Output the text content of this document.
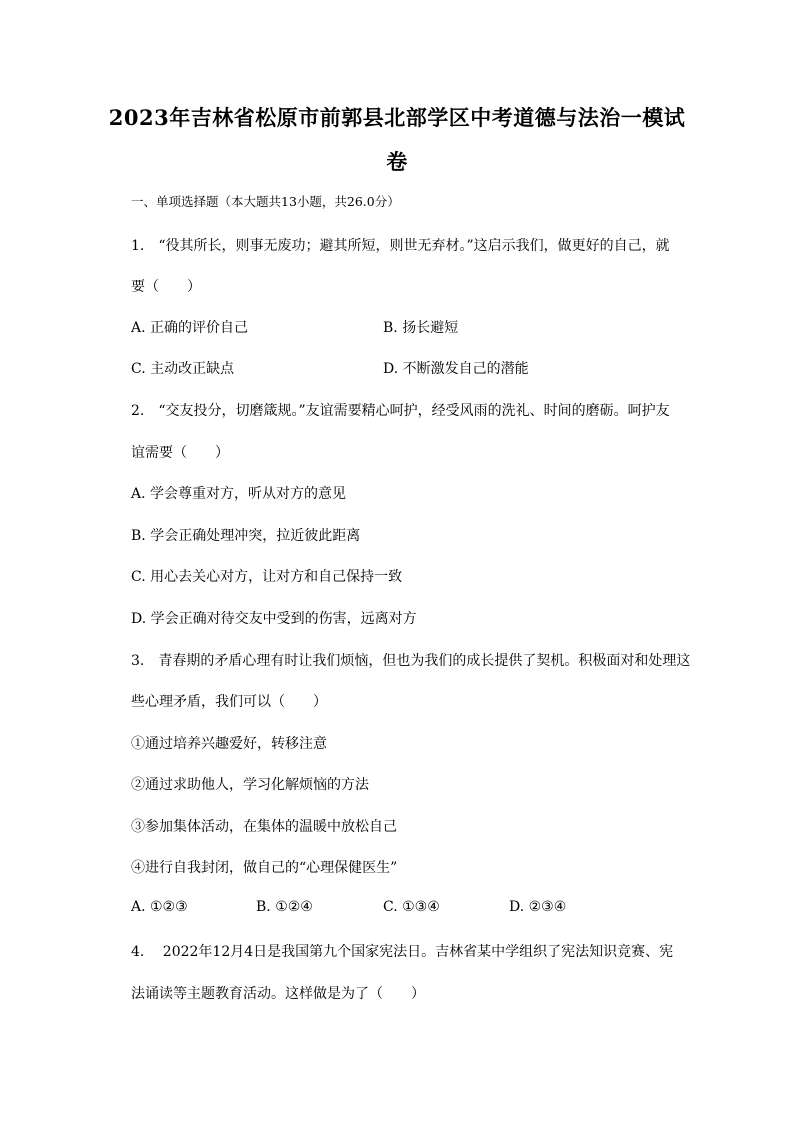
2023年吉林省松原市前郭县北部学区中考道德与法治一模试
卷
一、单项选择题（本大题共13小题，共26.0分）
1.　“役其所长，则事无废功；避其所短，则世无弃材。”这启示我们，做更好的自己，就
要（　　）
A. 正确的评价自己	B. 扬长避短
C. 主动改正缺点	D. 不断激发自己的潜能
2.　“交友投分，切磨箴规。”友谊需要精心呵护，经受风雨的洗礼、时间的磨砺。呵护友
谊需要（　　）
A. 学会尊重对方，听从对方的意见
B. 学会正确处理冲突，拉近彼此距离
C. 用心去关心对方，让对方和自己保持一致
D. 学会正确对待交友中受到的伤害，远离对方
3.　青春期的矛盾心理有时让我们烦恼，但也为我们的成长提供了契机。积极面对和处理这
些心理矛盾，我们可以（　　）
①通过培养兴趣爱好，转移注意
②通过求助他人，学习化解烦恼的方法
③参加集体活动，在集体的温暖中放松自己
④进行自我封闭，做自己的“心理保健医生”
A. ①②③	B. ①②④	C. ①③④	D. ②③④
4.　 2022年12月4日是我国第九个国家宪法日。吉林省某中学组织了宪法知识竞赛、宪
法诵读等主题教育活动。这样做是为了（　　）
